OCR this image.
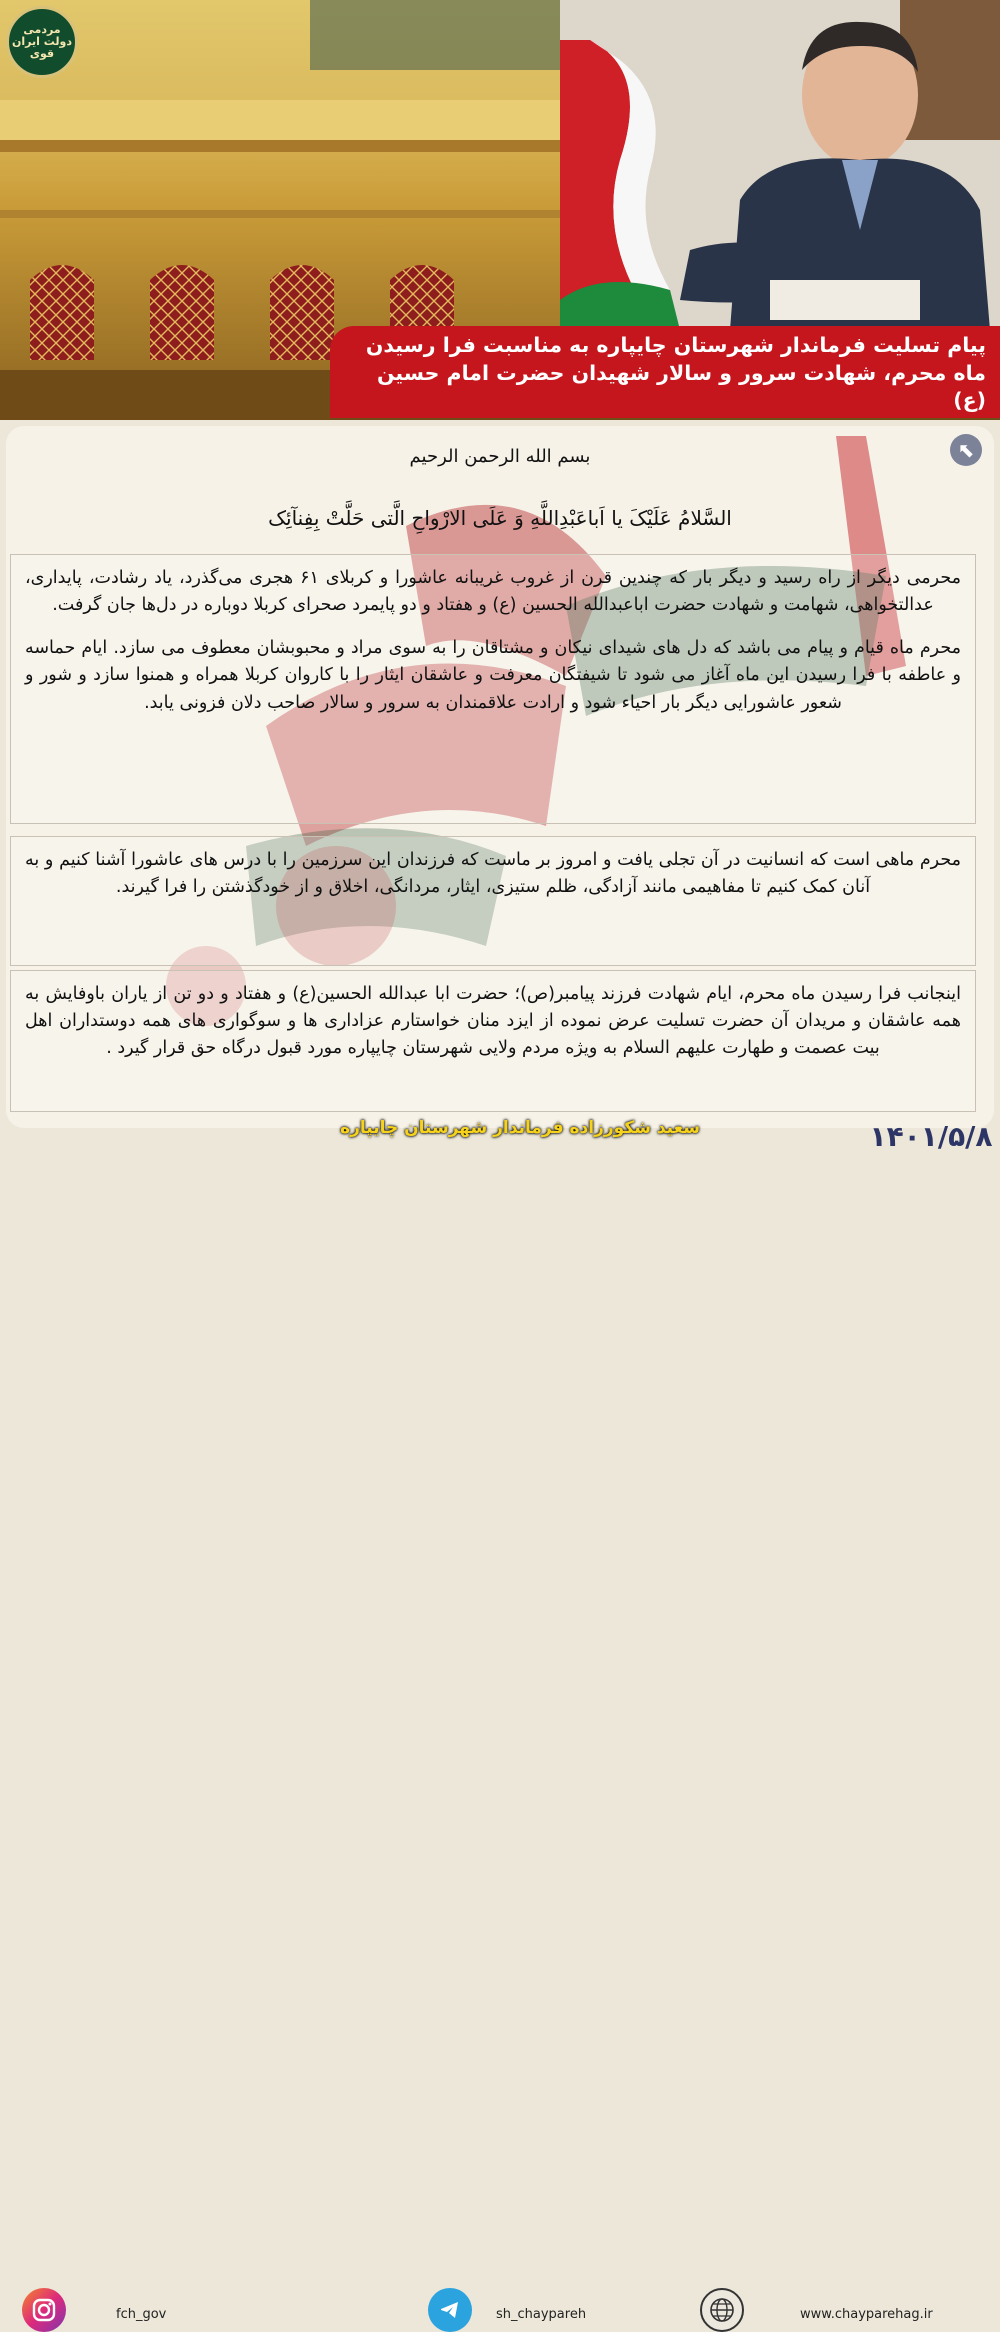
مردمی دولت ایران قوی
پیام تسلیت فرماندار شهرستان چایپاره به مناسبت فرا رسیدن ماه محرم، شهادت سرور و سالار شهیدان حضرت امام حسین (ع)
⬉
بسم الله الرحمن الرحیم
السَّلامُ عَلَیْکَ یا اَباعَبْدِاللَّهِ وَ عَلَی الارْواحِ الَّتی حَلَّتْ بِفِنآئِک
محرمی دیگر از راه رسید و دیگر بار که چندین قرن از غروب غریبانه عاشورا و کربلای ۶۱ هجری می‌گذرد، یاد رشادت، پایداری، عدالتخواهی، شهامت و شهادت حضرت اباعبدالله الحسین (ع) و هفتاد و دو پایمرد صحرای کربلا دوباره در دل‌ها جان گرفت.
محرم ماه قیام و پیام می باشد که دل های شیدای نیکان و مشتاقان را به سوی مراد و محبوبشان معطوف می سازد. ایام حماسه و عاطفه با فرا رسیدن این ماه آغاز می شود تا شیفتگان معرفت و عاشقان ایثار را با کاروان کربلا همراه و همنوا سازد و شور و شعور عاشورایی دیگر بار احیاء شود و ارادت علاقمندان به سرور و سالار صاحب دلان فزونی یابد.
محرم ماهی است که انسانیت در آن تجلی یافت و امروز بر ماست که فرزندان این سرزمین را با درس های عاشورا آشنا کنیم و به آنان کمک کنیم تا مفاهیمی مانند آزادگی، ظلم ستیزی، ایثار، مردانگی، اخلاق و از خودگذشتن را فرا گیرند.
اینجانب فرا رسیدن ماه محرم، ایام شهادت فرزند پیامبر(ص)؛ حضرت ابا عبدالله الحسین(ع) و هفتاد و دو تن از یاران باوفایش به همه عاشقان و مریدان آن حضرت تسلیت عرض نموده از ایزد منان خواستارم عزاداری ها و سوگواری های همه دوستداران اهل بیت عصمت و طهارت علیهم السلام به ویژه مردم ولایی شهرستان چایپاره مورد قبول درگاه حق قرار گیرد .
سعید شکورزاده فرماندار شهرستان چایپاره	۱۴۰۱/۵/۸
fch_gov	sh_chaypareh	www.chayparehag.ir
